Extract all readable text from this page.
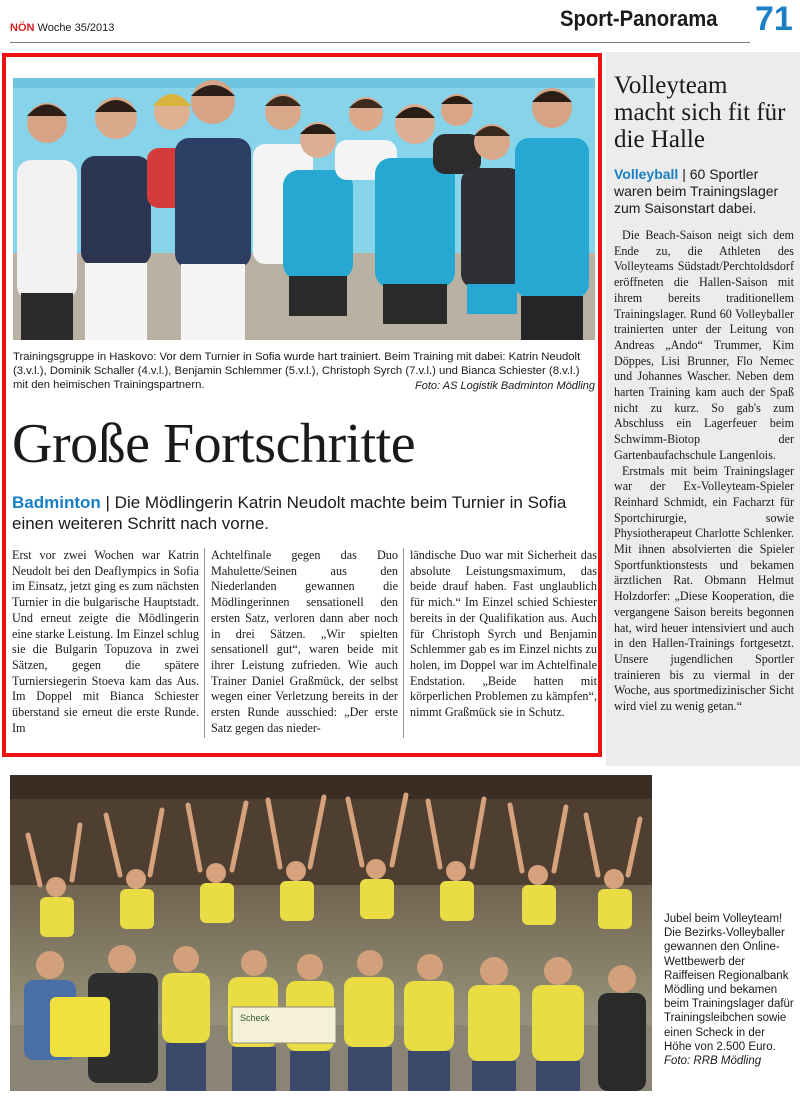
NÖN Woche 35/2013	Sport-Panorama 71
Volleyteam macht sich fit für die Halle
Volleyball | 60 Sportler waren beim Trainingslager zum Saisonstart dabei.

Die Beach-Saison neigt sich dem Ende zu, die Athleten des Volleyteams Südstadt/Perchtoldsdorf eröffneten die Hallen-Saison mit ihrem bereits traditionellem Trainingslager. Rund 60 Volleyballer trainierten unter der Leitung von Andreas „Ando“ Trummer, Kim Döppes, Lisi Brunner, Flo Nemec und Johannes Wascher. Neben dem harten Training kam auch der Spaß nicht zu kurz. So gab's zum Abschluss ein Lagerfeuer beim Schwimm-Biotop der Gartenbaufachschule Langenlois.

Erstmals mit beim Trainingslager war der Ex-Volleyteam-Spieler Reinhard Schmidt, ein Facharzt für Sportchirurgie, sowie Physiotherapeut Charlotte Schlenker. Mit ihnen absolvierten die Spieler Sportfunktionstests und bekamen ärztlichen Rat. Obmann Helmut Holzdorfer: „Diese Kooperation, die vergangene Saison bereits begonnen hat, wird heuer intensiviert und auch in den Hallen-Trainings fortgesetzt. Unsere jugendlichen Sportler trainieren bis zu viermal in der Woche, aus sportmedizinischer Sicht wird viel zu wenig getan.“

Trainingsgruppe in Haskovo: Vor dem Turnier in Sofia wurde hart trainiert. Beim Training mit dabei: Katrin Neudolt (3.v.l.), Dominik Schaller (4.v.l.), Benjamin Schlemmer (5.v.l.), Christoph Syrch (7.v.l.) und Bianca Schiester (8.v.l.) mit den heimischen Trainingspartnern.	Foto: AS Logistik Badminton Mödling
Große Fortschritte
Badminton | Die Mödlingerin Katrin Neudolt machte beim Turnier in Sofia einen weiteren Schritt nach vorne.

Erst vor zwei Wochen war Katrin Neudolt bei den Deaflympics in Sofia im Einsatz, jetzt ging es zum nächsten Turnier in die bulgarische Hauptstadt. Und erneut zeigte die Mödlingerin eine starke Leistung. Im Einzel schlug sie die Bulgarin Topuzova in zwei Sätzen, gegen die spätere Turniersiegerin Stoeva kam das Aus. Im Doppel mit Bianca Schiester überstand sie erneut die erste Runde. Im

Achtelfinale gegen das Duo Mahulette/Seinen aus den Niederlanden gewannen die Mödlingerinnen sensationell den ersten Satz, verloren dann aber noch in drei Sätzen. „Wir spielten sensationell gut“, waren beide mit ihrer Leistung zufrieden. Wie auch Trainer Daniel Graßmück, der selbst wegen einer Verletzung bereits in der ersten Runde ausschied: „Der erste Satz gegen das nieder-

ländische Duo war mit Sicherheit das absolute Leistungsmaximum, das beide drauf haben. Fast unglaublich für mich.“ Im Einzel schied Schiester bereits in der Qualifikation aus. Auch für Christoph Syrch und Benjamin Schlemmer gab es im Einzel nichts zu holen, im Doppel war im Achtelfinale Endstation. „Beide hatten mit körperlichen Problemen zu kämpfen“, nimmt Graßmück sie in Schutz.

Scheck
Jubel beim Volleyteam! Die Bezirks-Volleyballer gewannen den Online-Wettbewerb der Raiffeisen Regionalbank Mödling und bekamen beim Trainingslager dafür Trainingsleibchen sowie einen Scheck in der Höhe von 2.500 Euro.
Foto: RRB Mödling
